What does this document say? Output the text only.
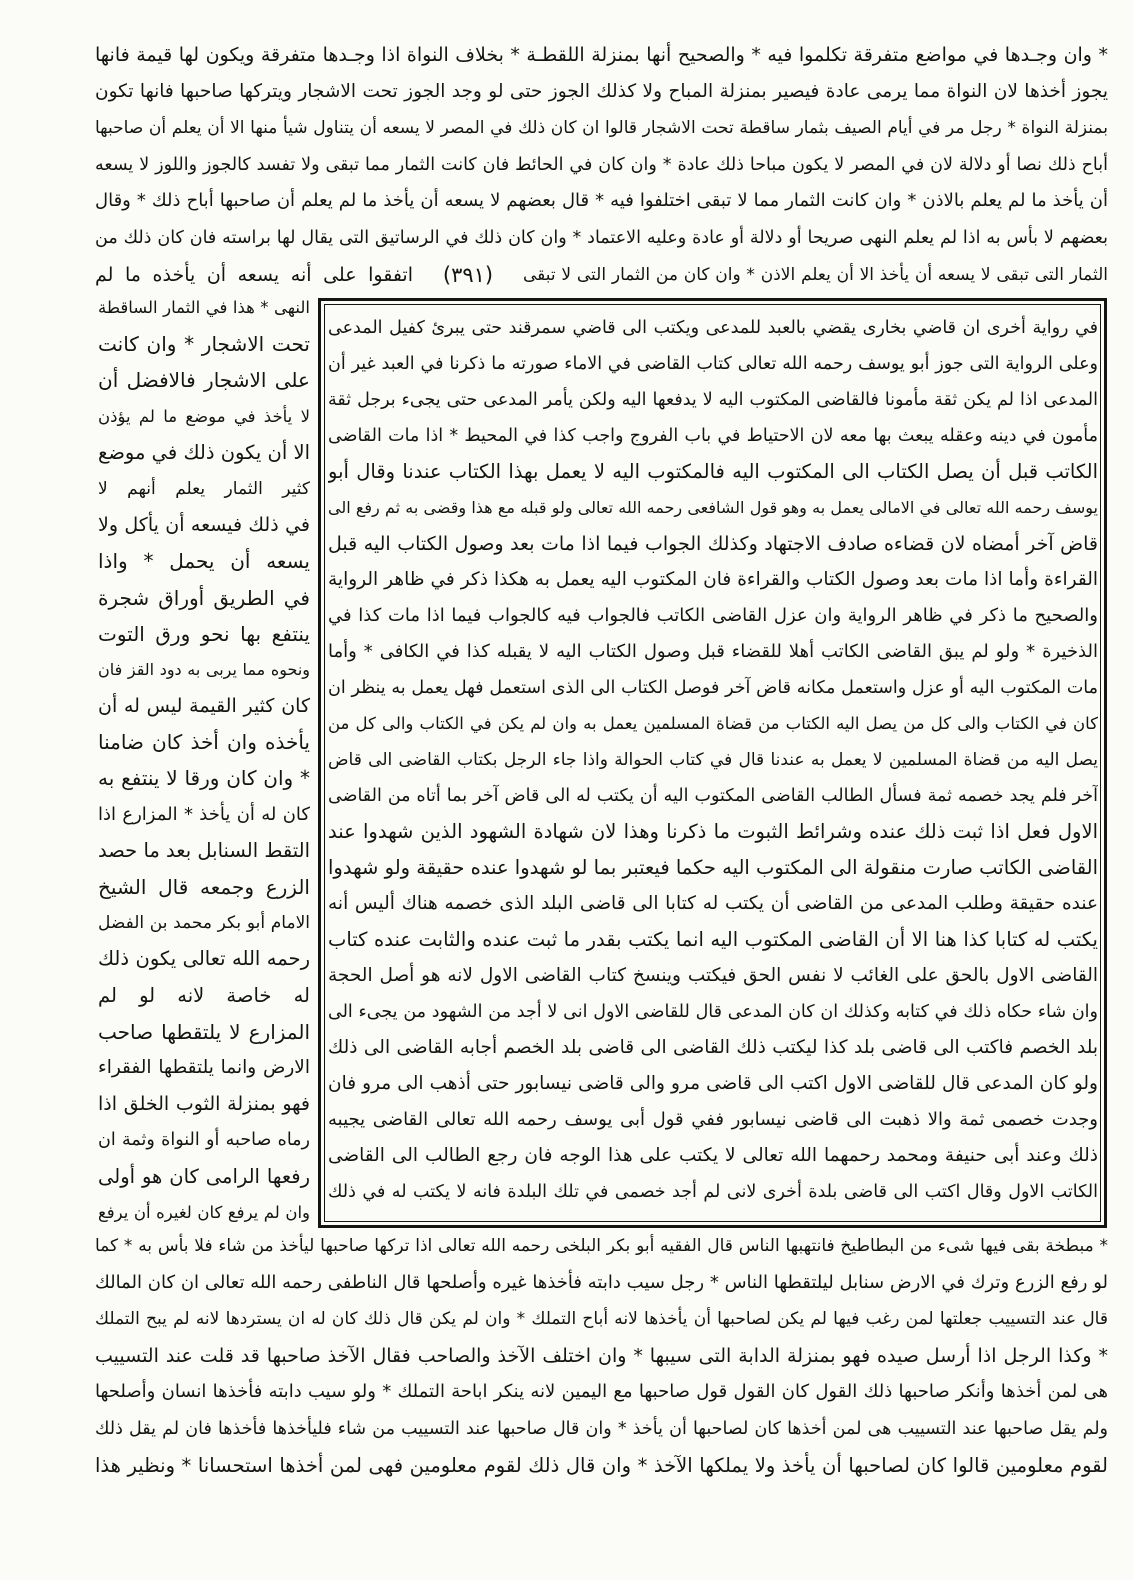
* وان وجـدها في مواضع متفرقة تكلموا فيه * والصحيح أنها بمنزلة اللقطـة * بخلاف النواة اذا وجـدها متفرقة ويكون لها قيمة فانها
يجوز أخذها لان النواة مما يرمى عادة فيصير بمنزلة المباح ولا كذلك الجوز حتى لو وجد الجوز تحت الاشجار ويتركها صاحبها فانها تكون
بمنزلة النواة * رجل مر في أيام الصيف بثمار ساقطة تحت الاشجار قالوا ان كان ذلك في المصر لا يسعه أن يتناول شيأ منها الا أن يعلم أن صاحبها
أباح ذلك نصا أو دلالة لان في المصر لا يكون مباحا ذلك عادة * وان كان في الحائط فان كانت الثمار مما تبقى ولا تفسد كالجوز واللوز لا يسعه
أن يأخذ ما لم يعلم بالاذن * وان كانت الثمار مما لا تبقى اختلفوا فيه * قال بعضهم لا يسعه أن يأخذ ما لم يعلم أن صاحبها أباح ذلك * وقال
بعضهم لا بأس به اذا لم يعلم النهى صريحا أو دلالة أو عادة وعليه الاعتماد * وان كان ذلك في الرساتيق التى يقال لها براسته فان كان ذلك من
الثمار التى تبقى لا يسعه أن يأخذ الا أن يعلم الاذن * وان كان من الثمار التى لا تبقى
(٣٩١)
اتفقوا على أنه يسعه أن يأخذه ما لم
النهى * هذا في الثمار الساقطة
تحت الاشجار * وان كانت
على الاشجار فالافضل أن
لا يأخذ في موضع ما لم يؤذن
الا أن يكون ذلك في موضع
كثير الثمار يعلم أنهم لا
في ذلك فيسعه أن يأكل ولا
يسعه أن يحمل * واذا
في الطريق أوراق شجرة
ينتفع بها نحو ورق التوت
ونحوه مما يربى به دود القز فان
كان كثير القيمة ليس له أن
يأخذه وان أخذ كان ضامنا
* وان كان ورقا لا ينتفع به
كان له أن يأخذ * المزارع اذا
التقط السنابل بعد ما حصد
الزرع وجمعه قال الشيخ
الامام أبو بكر محمد بن الفضل
رحمه الله تعالى يكون ذلك
له خاصة لانه لو لم
المزارع لا يلتقطها صاحب
الارض وانما يلتقطها الفقراء
فهو بمنزلة الثوب الخلق اذا
رماه صاحبه أو النواة وثمة ان
رفعها الرامى كان هو أولى
وان لم يرفع كان لغيره أن يرفع
في رواية أخرى ان قاضي بخارى يقضي بالعبد للمدعى ويكتب الى قاضي سمرقند حتى يبرئ كفيل المدعى
وعلى الرواية التى جوز أبو يوسف رحمه الله تعالى كتاب القاضى في الاماء صورته ما ذكرنا في العبد غير أن
المدعى اذا لم يكن ثقة مأمونا فالقاضى المكتوب اليه لا يدفعها اليه ولكن يأمر المدعى حتى يجىء برجل ثقة
مأمون في دينه وعقله يبعث بها معه لان الاحتياط في باب الفروج واجب كذا في المحيط * اذا مات القاضى
الكاتب قبل أن يصل الكتاب الى المكتوب اليه فالمكتوب اليه لا يعمل بهذا الكتاب عندنا وقال أبو
يوسف رحمه الله تعالى في الامالى يعمل به وهو قول الشافعى رحمه الله تعالى ولو قبله مع هذا وقضى به ثم رفع الى
قاض آخر أمضاه لان قضاءه صادف الاجتهاد وكذلك الجواب فيما اذا مات بعد وصول الكتاب اليه قبل
القراءة وأما اذا مات بعد وصول الكتاب والقراءة فان المكتوب اليه يعمل به هكذا ذكر في ظاهر الرواية
والصحيح ما ذكر في ظاهر الرواية وان عزل القاضى الكاتب فالجواب فيه كالجواب فيما اذا مات كذا في
الذخيرة * ولو لم يبق القاضى الكاتب أهلا للقضاء قبل وصول الكتاب اليه لا يقبله كذا في الكافى * وأما
مات المكتوب اليه أو عزل واستعمل مكانه قاض آخر فوصل الكتاب الى الذى استعمل فهل يعمل به ينظر ان
كان في الكتاب والى كل من يصل اليه الكتاب من قضاة المسلمين يعمل به وان لم يكن في الكتاب والى كل من
يصل اليه من قضاة المسلمين لا يعمل به عندنا قال في كتاب الحوالة واذا جاء الرجل بكتاب القاضى الى قاض
آخر فلم يجد خصمه ثمة فسأل الطالب القاضى المكتوب اليه أن يكتب له الى قاض آخر بما أتاه من القاضى
الاول فعل اذا ثبت ذلك عنده وشرائط الثبوت ما ذكرنا وهذا لان شهادة الشهود الذين شهدوا عند
القاضى الكاتب صارت منقولة الى المكتوب اليه حكما فيعتبر بما لو شهدوا عنده حقيقة ولو شهدوا
عنده حقيقة وطلب المدعى من القاضى أن يكتب له كتابا الى قاضى البلد الذى خصمه هناك أليس أنه
يكتب له كتابا كذا هنا الا أن القاضى المكتوب اليه انما يكتب بقدر ما ثبت عنده والثابت عنده كتاب
القاضى الاول بالحق على الغائب لا نفس الحق فيكتب وينسخ كتاب القاضى الاول لانه هو أصل الحجة
وان شاء حكاه ذلك في كتابه وكذلك ان كان المدعى قال للقاضى الاول انى لا أجد من الشهود من يجىء الى
بلد الخصم فاكتب الى قاضى بلد كذا ليكتب ذلك القاضى الى قاضى بلد الخصم أجابه القاضى الى ذلك
ولو كان المدعى قال للقاضى الاول اكتب الى قاضى مرو والى قاضى نيسابور حتى أذهب الى مرو فان
وجدت خصمى ثمة والا ذهبت الى قاضى نيسابور ففي قول أبى يوسف رحمه الله تعالى القاضى يجيبه
ذلك وعند أبى حنيفة ومحمد رحمهما الله تعالى لا يكتب على هذا الوجه فان رجع الطالب الى القاضى
الكاتب الاول وقال اكتب الى قاضى بلدة أخرى لانى لم أجد خصمى في تلك البلدة فانه لا يكتب له في ذلك
* مبطخة بقى فيها شىء من البطاطيخ فانتهبها الناس قال الفقيه أبو بكر البلخى رحمه الله تعالى اذا تركها صاحبها ليأخذ من شاء فلا بأس به * كما
لو رفع الزرع وترك في الارض سنابل ليلتقطها الناس * رجل سيب دابته فأخذها غيره وأصلحها قال الناطفى رحمه الله تعالى ان كان المالك
قال عند التسييب جعلتها لمن رغب فيها لم يكن لصاحبها أن يأخذها لانه أباح التملك * وان لم يكن قال ذلك كان له ان يستردها لانه لم يبح التملك
* وكذا الرجل اذا أرسل صيده فهو بمنزلة الدابة التى سيبها * وان اختلف الآخذ والصاحب فقال الآخذ صاحبها قد قلت عند التسييب
هى لمن أخذها وأنكر صاحبها ذلك القول كان القول قول صاحبها مع اليمين لانه ينكر اباحة التملك * ولو سيب دابته فأخذها انسان وأصلحها
ولم يقل صاحبها عند التسييب هى لمن أخذها كان لصاحبها أن يأخذ * وان قال صاحبها عند التسييب من شاء فليأخذها فأخذها فان لم يقل ذلك
لقوم معلومين قالوا كان لصاحبها أن يأخذ ولا يملكها الآخذ * وان قال ذلك لقوم معلومين فهى لمن أخذها استحسانا * ونظير هذا
